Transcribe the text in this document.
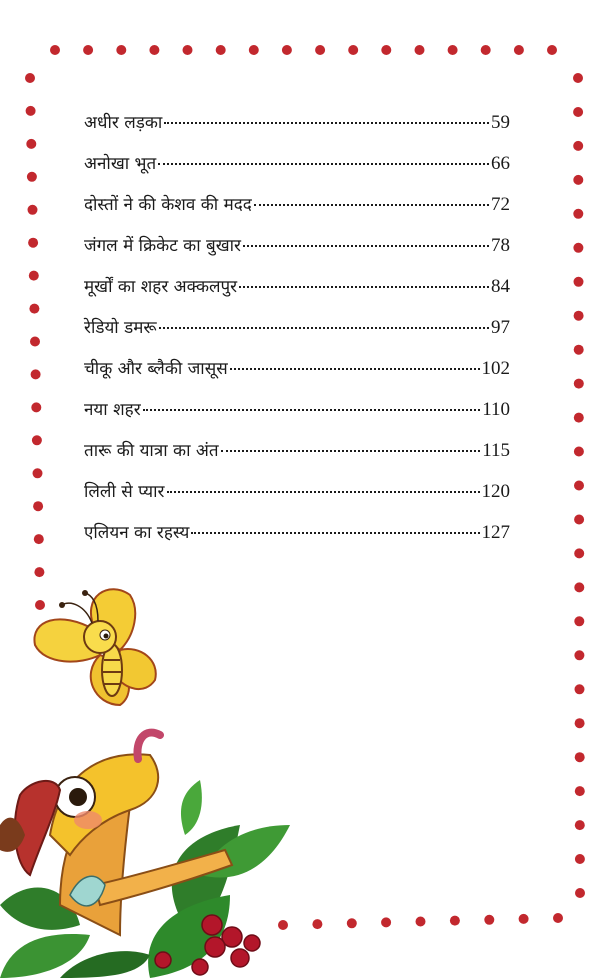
अधीर लड़का	59
अनोखा भूत	66
दोस्तों ने की केशव की मदद	72
जंगल में क्रिकेट का बुखार	78
मूर्खों का शहर अक्कलपुर	84
रेडियो डमरू	97
चीकू और ब्लैकी जासूस	102
नया शहर	110
तारू की यात्रा का अंत	115
लिली से प्यार	120
एलियन का रहस्य	127
